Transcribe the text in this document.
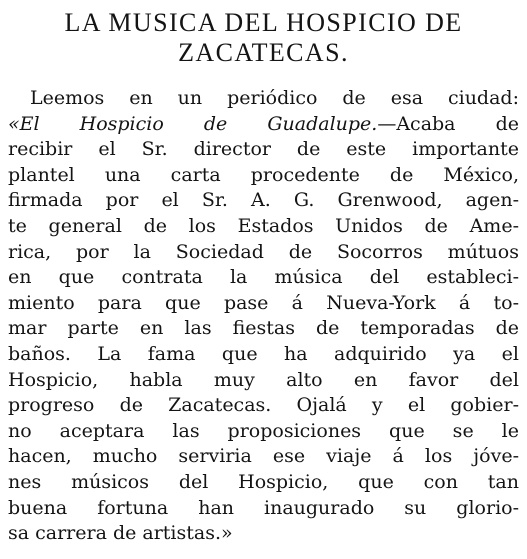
LA MUSICA DEL HOSPICIO DE
ZACATECAS.
Leemos en un periódico de esa ciudad:
«El Hospicio de Guadalupe.—Acaba de
recibir el Sr. director de este importante
plantel una carta procedente de México,
firmada por el Sr. A. G. Grenwood, agen-
te general de los Estados Unidos de Ame-
rica, por la Sociedad de Socorros mútuos
en que contrata la música del estableci-
miento para que pase á Nueva-York á to-
mar parte en las fiestas de temporadas de
baños. La fama que ha adquirido ya el
Hospicio, habla muy alto en favor del
progreso de Zacatecas. Ojalá y el gobier-
no aceptara las proposiciones que se le
hacen, mucho serviria ese viaje á los jóve-
nes músicos del Hospicio, que con tan
buena fortuna han inaugurado su glorio-
sa carrera de artistas.»
